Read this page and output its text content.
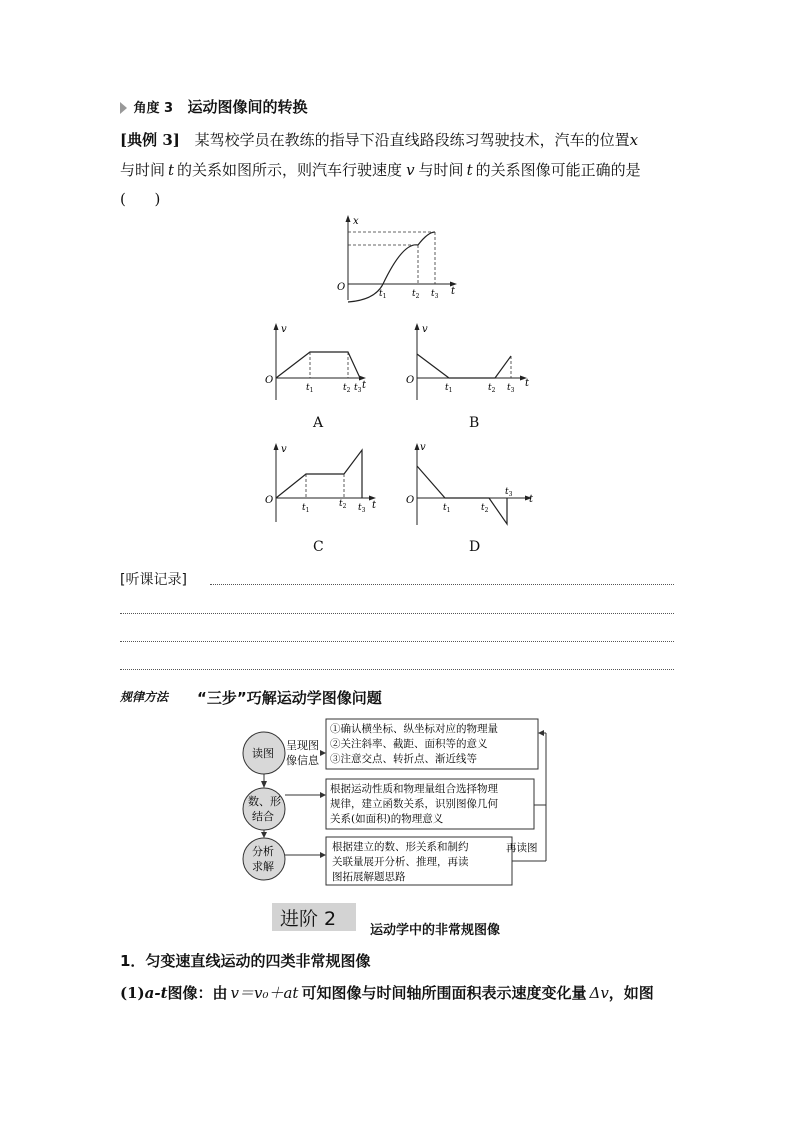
角度 3 运动图像间的转换
[典例 3] 某驾校学员在教练的指导下沿直线路段练习驾驶技术，汽车的位置x
与时间 t 的关系如图所示，则汽车行驶速度 v 与时间 t 的关系图像可能正确的是
(      )
x
O	t
$t_1$	$t_2$ $t_3$
v
O	t
$t_1$	$t_2$ $t_3$
A
v
O	t
$t_1$	$t_2$ $t_3$
B
v
O	t
$t_1$
$t_2$ $t_3$
C
v
O	t
$t_1$	$t_2$
$t_3$
D
[听课记录]
规律方法 “三步”巧解运动学图像问题
读图
呈现图
像信息
①确认横坐标、纵坐标对应的物理量
②关注斜率、截距、面积等的意义
③注意交点、转折点、渐近线等
数、形
结合
根据运动性质和物理量组合选择物理
规律，建立函数关系，识别图像几何
关系(如面积)的物理意义
分析
求解
根据建立的数、形关系和制约
关联量展开分析、推理，再读
图拓展解题思路
再读图
进阶 2
运动学中的非常规图像
1．匀变速直线运动的四类非常规图像
(1)a-t图像：由 v＝v₀＋at 可知图像与时间轴所围面积表示速度变化量 Δv，如图
